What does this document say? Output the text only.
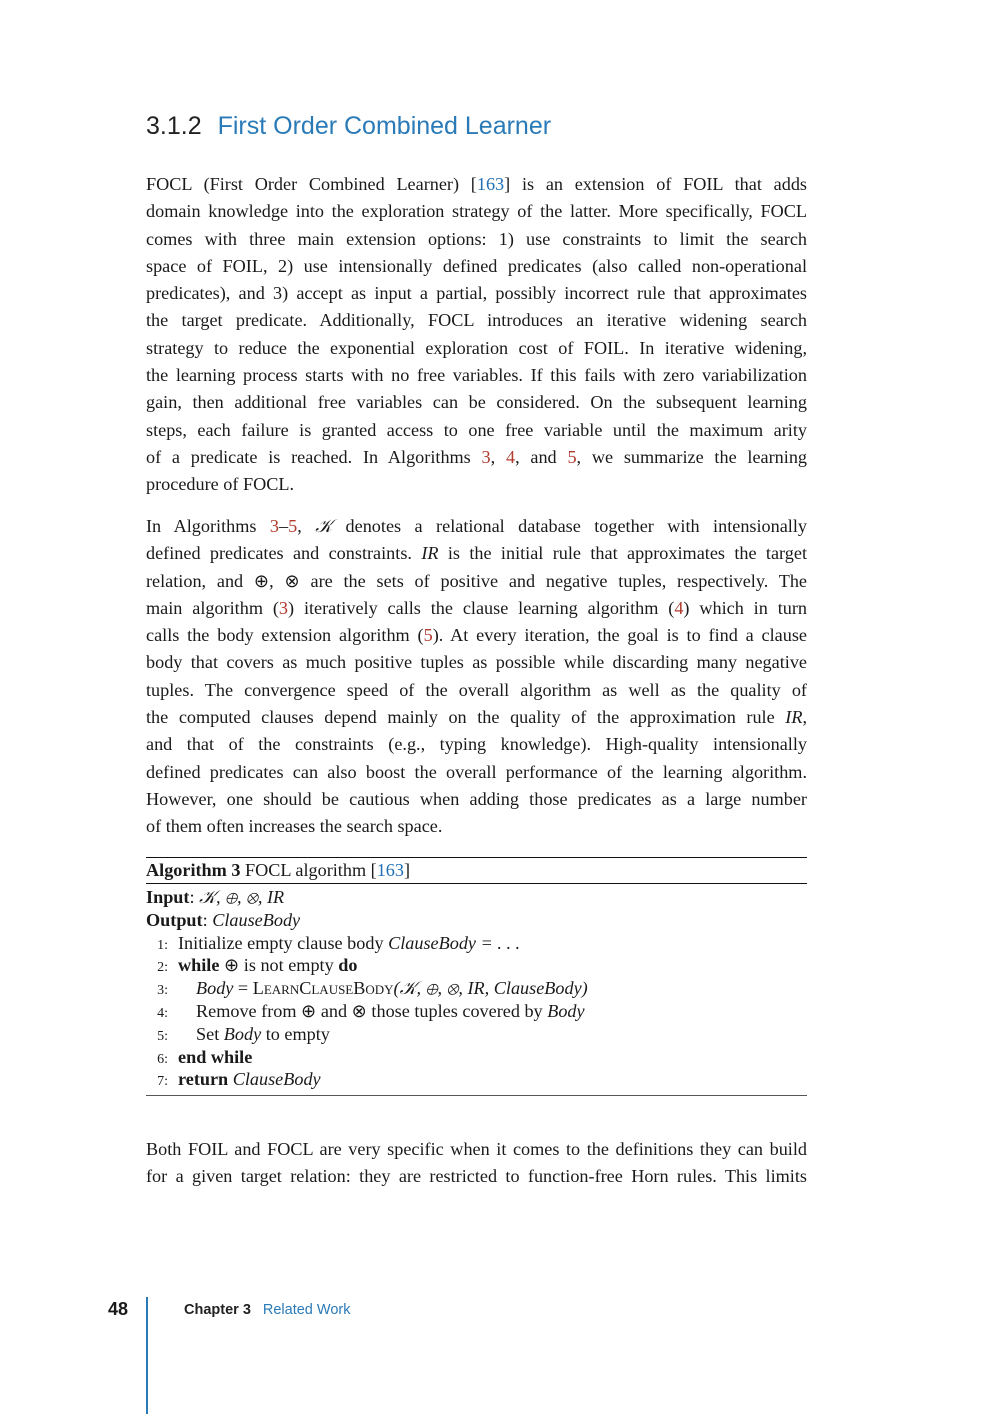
3.1.2 First Order Combined Learner
FOCL (First Order Combined Learner) [163] is an extension of FOIL that adds
domain knowledge into the exploration strategy of the latter. More specifically, FOCL
comes with three main extension options: 1) use constraints to limit the search
space of FOIL, 2) use intensionally defined predicates (also called non-operational
predicates), and 3) accept as input a partial, possibly incorrect rule that approximates
the target predicate. Additionally, FOCL introduces an iterative widening search
strategy to reduce the exponential exploration cost of FOIL. In iterative widening,
the learning process starts with no free variables. If this fails with zero variabilization
gain, then additional free variables can be considered. On the subsequent learning
steps, each failure is granted access to one free variable until the maximum arity
of a predicate is reached. In Algorithms 3, 4, and 5, we summarize the learning
procedure of FOCL.
In Algorithms 3–5, 𝒦 denotes a relational database together with intensionally
defined predicates and constraints. IR is the initial rule that approximates the target
relation, and ⊕, ⊗ are the sets of positive and negative tuples, respectively. The
main algorithm (3) iteratively calls the clause learning algorithm (4) which in turn
calls the body extension algorithm (5). At every iteration, the goal is to find a clause
body that covers as much positive tuples as possible while discarding many negative
tuples. The convergence speed of the overall algorithm as well as the quality of
the computed clauses depend mainly on the quality of the approximation rule IR,
and that of the constraints (e.g., typing knowledge). High-quality intensionally
defined predicates can also boost the overall performance of the learning algorithm.
However, one should be cautious when adding those predicates as a large number
of them often increases the search space.
Algorithm 3 FOCL algorithm [163]
Input: 𝒦, ⊕, ⊗, IR
Output: ClauseBody
1: Initialize empty clause body ClauseBody = . . .
2: while ⊕ is not empty do
3: Body = LearnClauseBody(𝒦, ⊕, ⊗, IR, ClauseBody)
4: Remove from ⊕ and ⊗ those tuples covered by Body
5: Set Body to empty
6: end while
7: return ClauseBody
Both FOIL and FOCL are very specific when it comes to the definitions they can build
for a given target relation: they are restricted to function-free Horn rules. This limits
48	Chapter 3 Related Work
